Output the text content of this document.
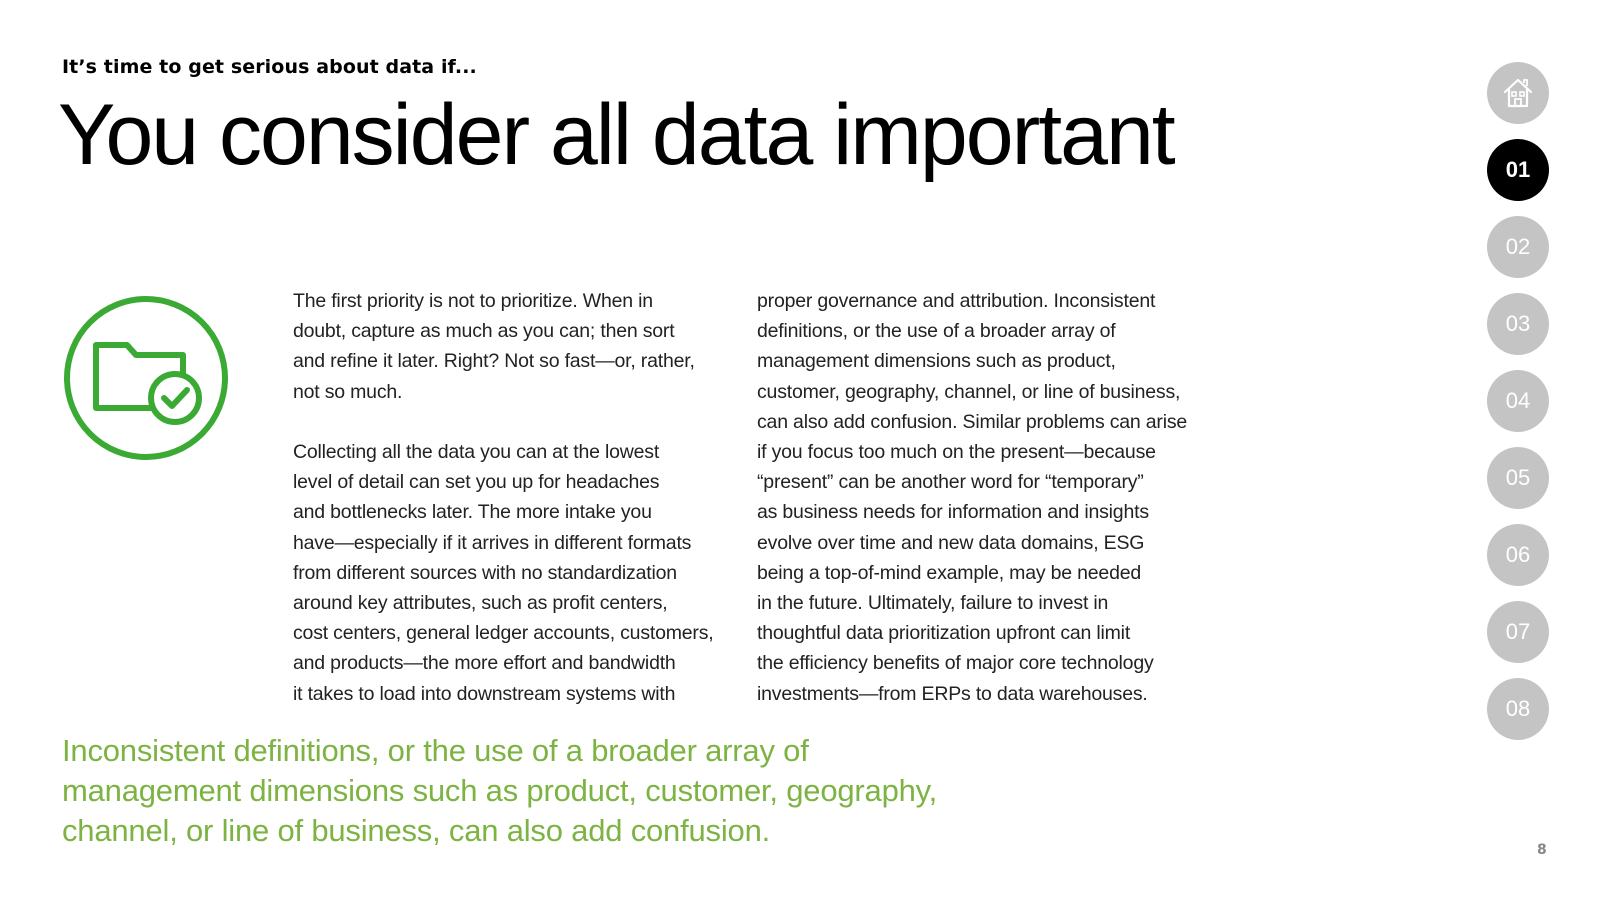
It’s time to get serious about data if...
You consider all data important
The first priority is not to prioritize. When in
doubt, capture as much as you can; then sort
and refine it later. Right? Not so fast—or, rather,
not so much.
Collecting all the data you can at the lowest
level of detail can set you up for headaches
and bottlenecks later. The more intake you
have—especially if it arrives in different formats
from different sources with no standardization
around key attributes, such as profit centers,
cost centers, general ledger accounts, customers,
and products—the more effort and bandwidth
it takes to load into downstream systems with
proper governance and attribution. Inconsistent
definitions, or the use of a broader array of
management dimensions such as product,
customer, geography, channel, or line of business,
can also add confusion. Similar problems can arise
if you focus too much on the present—because
“present” can be another word for “temporary”
as business needs for information and insights
evolve over time and new data domains, ESG
being a top-of-mind example, may be needed
in the future. Ultimately, failure to invest in
thoughtful data prioritization upfront can limit
the efficiency benefits of major core technology
investments—from ERPs to data warehouses.
Inconsistent definitions, or the use of a broader array of
management dimensions such as product, customer, geography,
channel, or line of business, can also add confusion.
01
02
03
04
05
06
07
08
8
